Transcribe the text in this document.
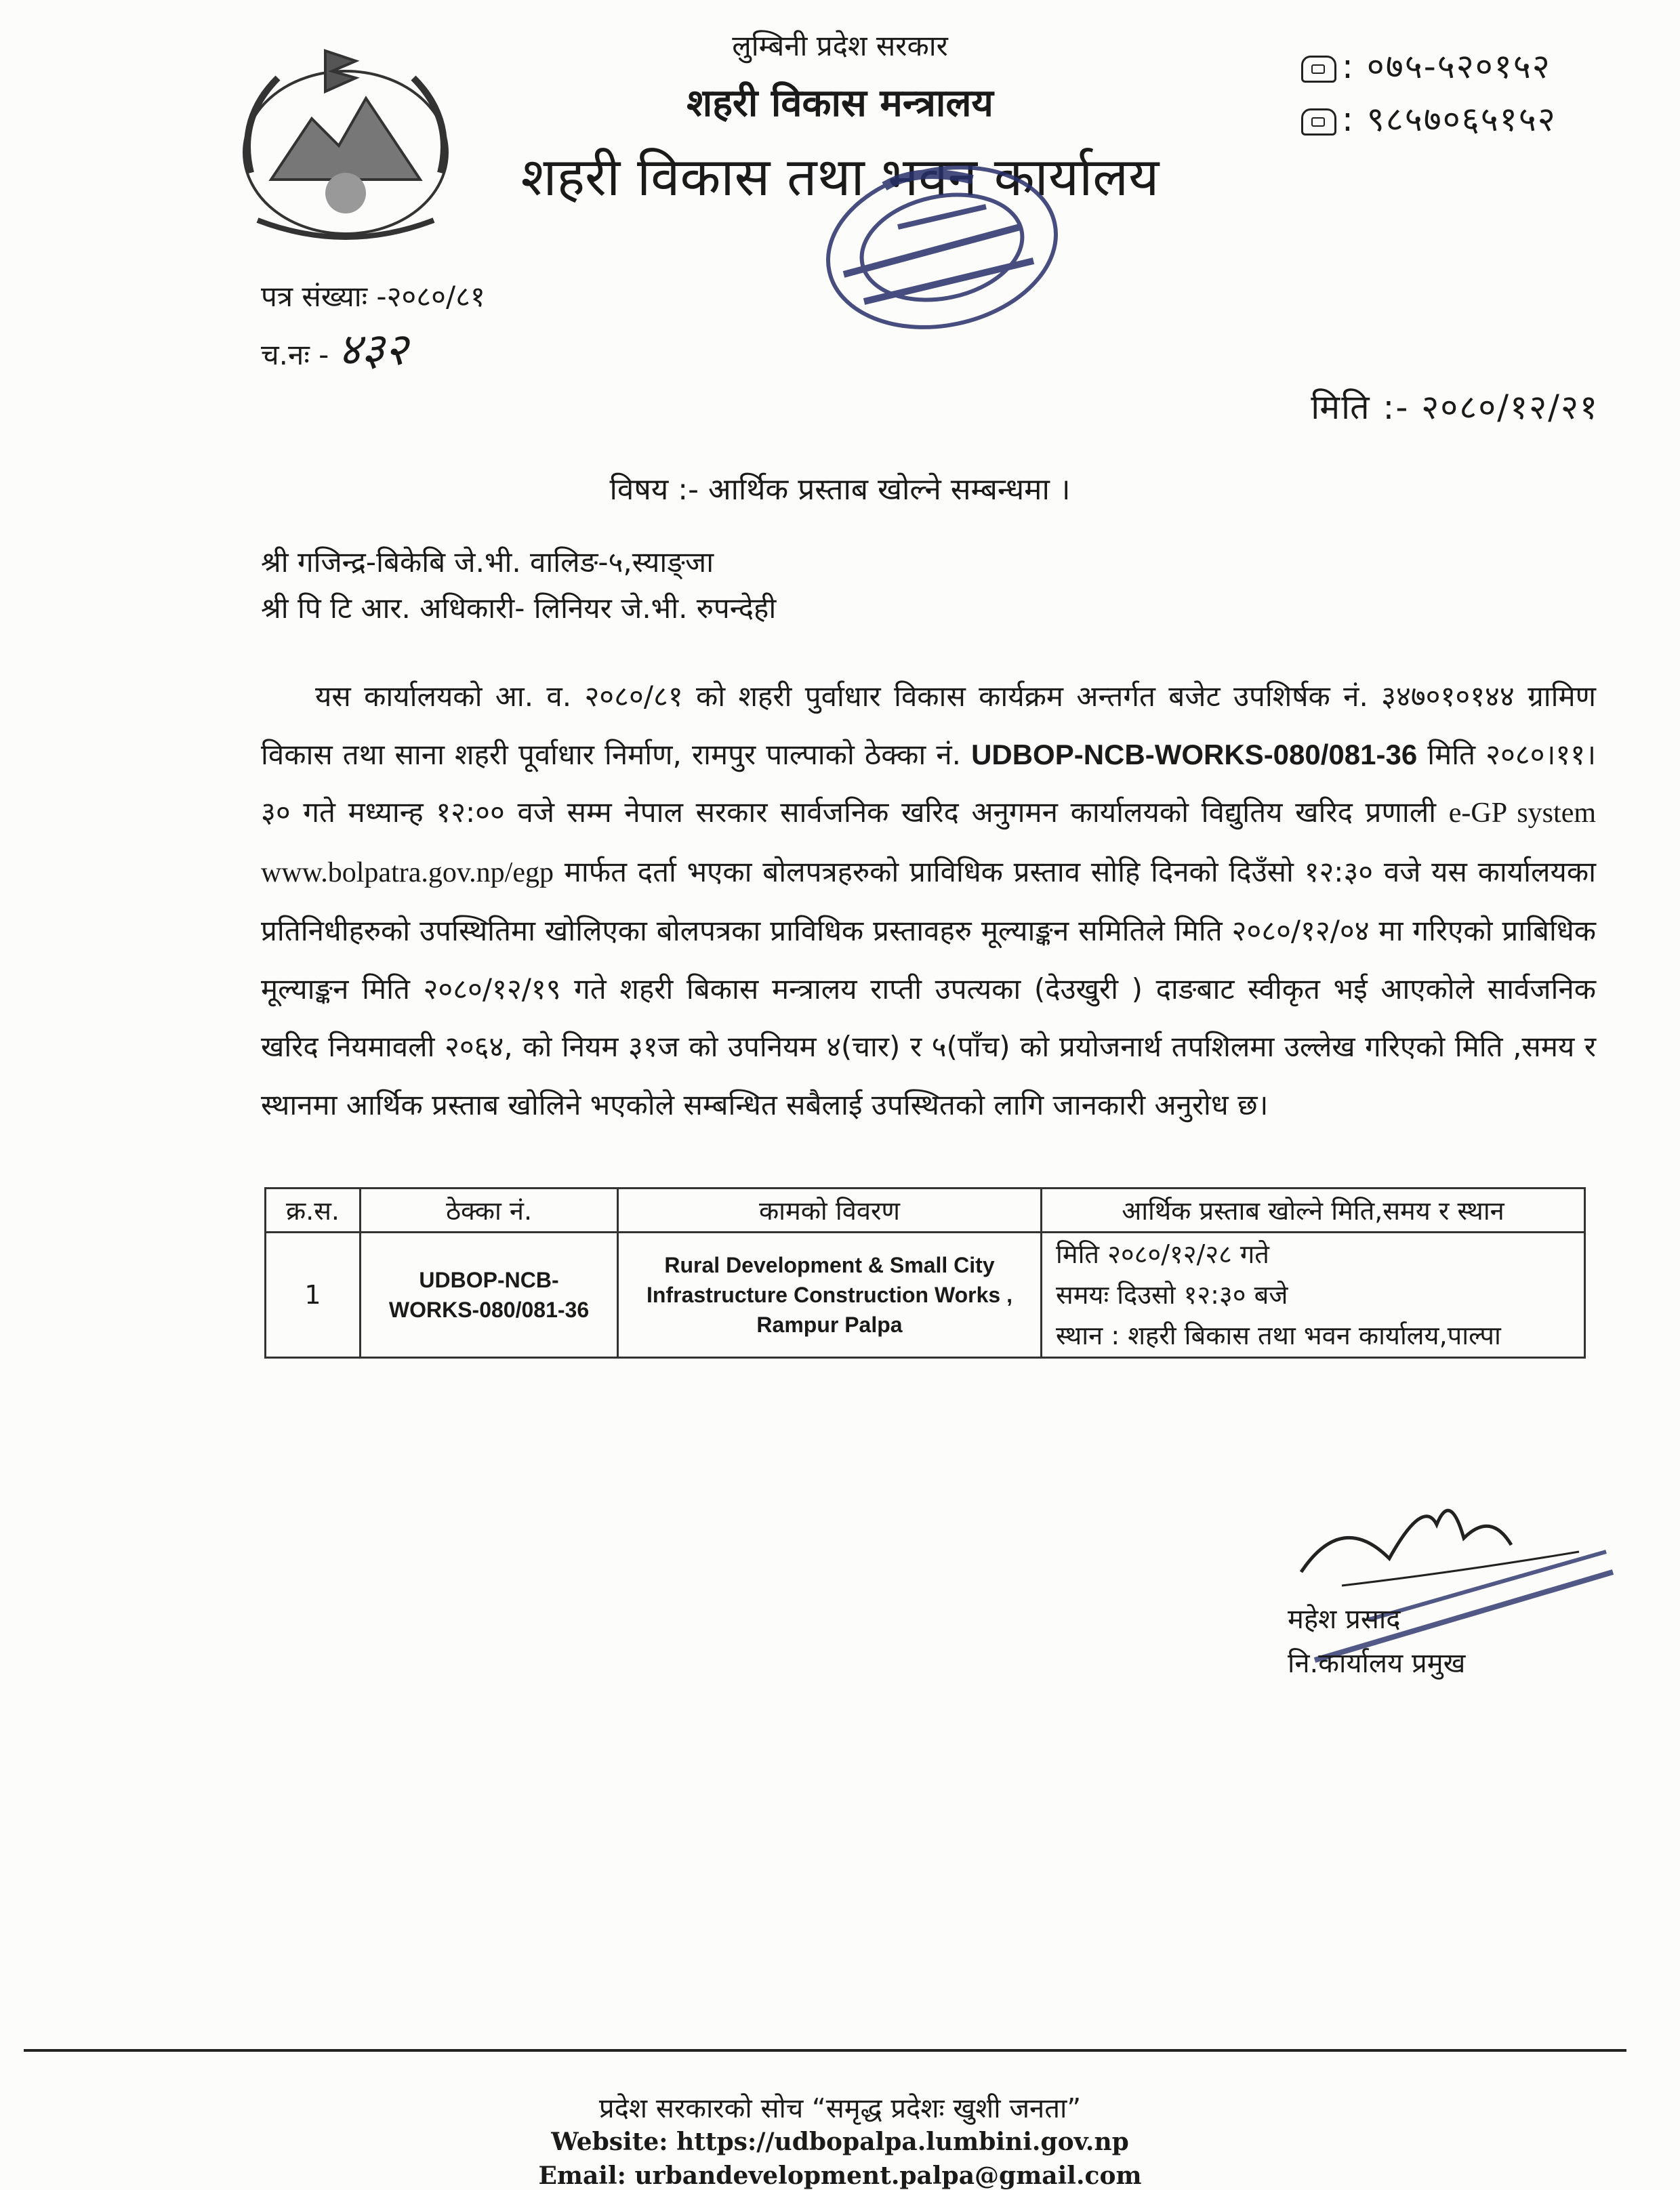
लुम्बिनी प्रदेश सरकार
शहरी विकास मन्त्रालय
शहरी विकास तथा भवन कार्यालय
: ०७५-५२०१५२
: ९८५७०६५१५२
पत्र संख्याः -२०८०/८१
च.नः - ४३२
मिति :- २०८०/१२/२१
विषय :- आर्थिक प्रस्ताब खोल्ने सम्बन्धमा ।
श्री गजिन्द्र-बिकेबि जे.भी. वालिङ-५,स्याङ्जा
श्री पि टि आर. अधिकारी- लिनियर जे.भी. रुपन्देही
यस कार्यालयको आ. व. २०८०/८१ को शहरी पुर्वाधार विकास कार्यक्रम अन्तर्गत बजेट उपशिर्षक नं. ३४७०१०१४४ ग्रामिण विकास तथा साना शहरी पूर्वाधार निर्माण, रामपुर पाल्पाको ठेक्का नं. UDBOP-NCB-WORKS-080/081-36 मिति २०८०।११।३० गते मध्यान्ह १२:०० वजे सम्म नेपाल सरकार सार्वजनिक खरिद अनुगमन कार्यालयको विद्युतिय खरिद प्रणाली e-GP system www.bolpatra.gov.np/egp मार्फत दर्ता भएका बोलपत्रहरुको प्राविधिक प्रस्ताव सोहि दिनको दिउँसो १२:३० वजे यस कार्यालयका प्रतिनिधीहरुको उपस्थितिमा खोलिएका बोलपत्रका प्राविधिक प्रस्तावहरु मूल्याङ्कन समितिले मिति २०८०/१२/०४ मा गरिएको प्राबिधिक मूल्याङ्कन मिति २०८०/१२/१९ गते शहरी बिकास मन्त्रालय राप्ती उपत्यका (देउखुरी ) दाङबाट स्वीकृत भई आएकोले सार्वजनिक खरिद नियमावली २०६४, को नियम ३१ज को उपनियम ४(चार) र ५(पाँच) को प्रयोजनार्थ तपशिलमा उल्लेख गरिएको मिति ,समय र स्थानमा आर्थिक प्रस्ताब खोलिने भएकोले सम्बन्धित सबैलाई उपस्थितको लागि जानकारी अनुरोध छ।
क्र.स.	ठेक्का नं.	कामको विवरण	आर्थिक प्रस्ताब खोल्ने मिति,समय र स्थान
1	UDBOP-NCB-WORKS-080/081-36	Rural Development & Small City Infrastructure Construction Works , Rampur Palpa	मिति २०८०/१२/२८ गते
समयः दिउसो १२:३० बजे
स्थान : शहरी बिकास तथा भवन कार्यालय,पाल्पा
महेश प्रसाद
नि.कार्यालय प्रमुख
प्रदेश सरकारको सोच “समृद्ध प्रदेशः खुशी जनता”
Website: https://udbopalpa.lumbini.gov.np
Email: urbandevelopment.palpa@gmail.com
